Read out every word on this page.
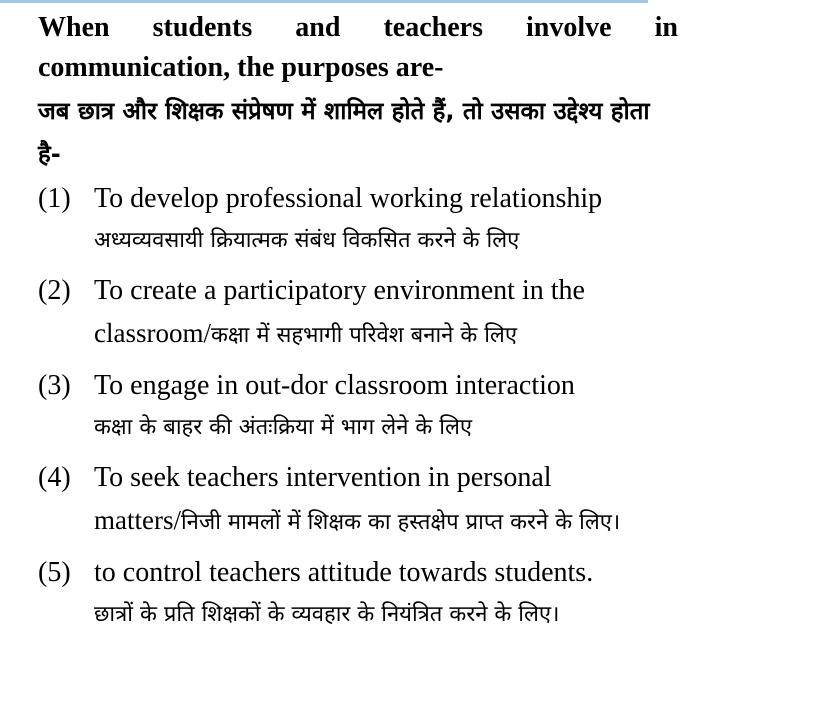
When students and teachers involve in communication, the purposes are-
जब छात्र और शिक्षक संप्रेषण में शामिल होते हैं, तो उसका उद्देश्य होता है-
(1) To develop professional working relationship
अध्यव्यवसायी क्रियात्मक संबंध विकसित करने के लिए
(2) To create a participatory environment in the
classroom/कक्षा में सहभागी परिवेश बनाने के लिए
(3) To engage in out-dor classroom interaction
कक्षा के बाहर की अंतःक्रिया में भाग लेने के लिए
(4) To seek teachers intervention in personal
matters/निजी मामलों में शिक्षक का हस्तक्षेप प्राप्त करने के लिए।
(5) to control teachers attitude towards students.
छात्रों के प्रति शिक्षकों के व्यवहार के नियंत्रित करने के लिए।
